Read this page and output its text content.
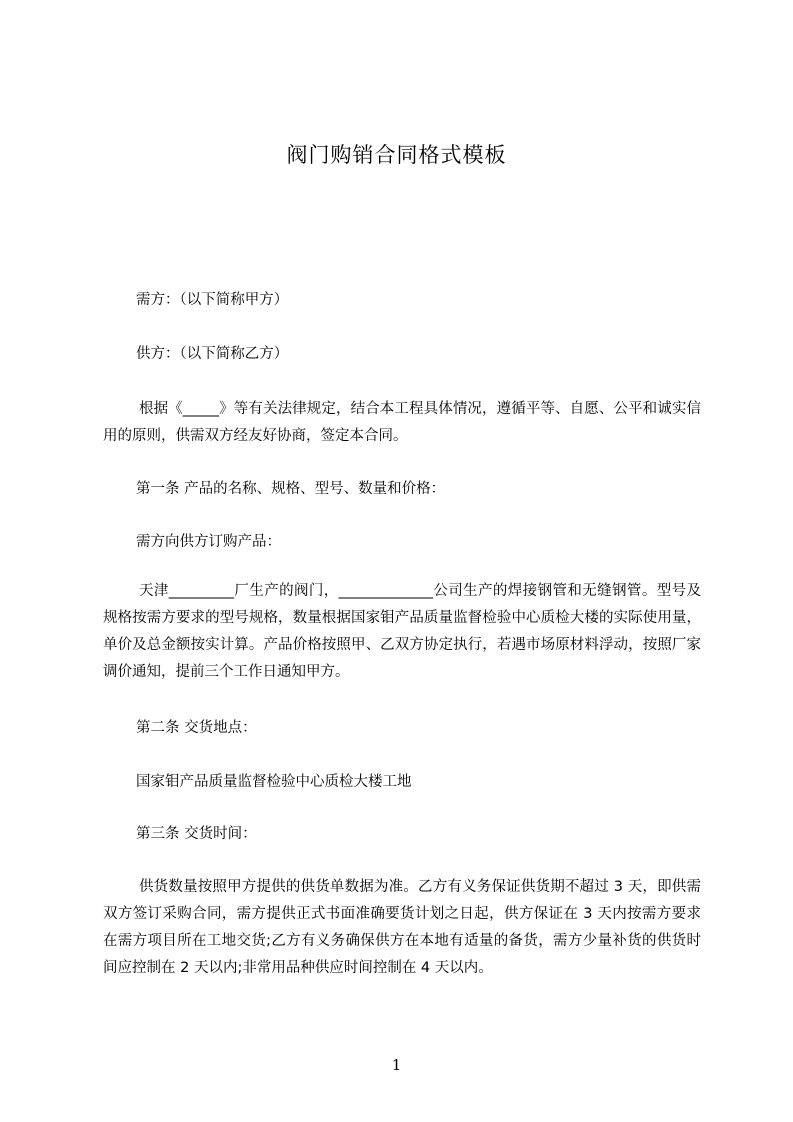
阀门购销合同格式模板

需方：（以下简称甲方）

供方：（以下简称乙方）

根据《_____》等有关法律规定，结合本工程具体情况，遵循平等、自愿、公平和诚实信用的原则，供需双方经友好协商，签定本合同。

第一条 产品的名称、规格、型号、数量和价格：

需方向供方订购产品：

天津_________厂生产的阀门，_____________公司生产的焊接钢管和无缝钢管。型号及规格按需方要求的型号规格，数量根据国家钼产品质量监督检验中心质检大楼的实际使用量，单价及总金额按实计算。产品价格按照甲、乙双方协定执行，若遇市场原材料浮动，按照厂家调价通知，提前三个工作日通知甲方。

第二条 交货地点：

国家钼产品质量监督检验中心质检大楼工地

第三条 交货时间：

供货数量按照甲方提供的供货单数据为准。乙方有义务保证供货期不超过 3 天，即供需双方签订采购合同，需方提供正式书面准确要货计划之日起，供方保证在 3 天内按需方要求在需方项目所在工地交货;乙方有义务确保供方在本地有适量的备货，需方少量补货的供货时间应控制在 2 天以内;非常用品种供应时间控制在 4 天以内。

1
